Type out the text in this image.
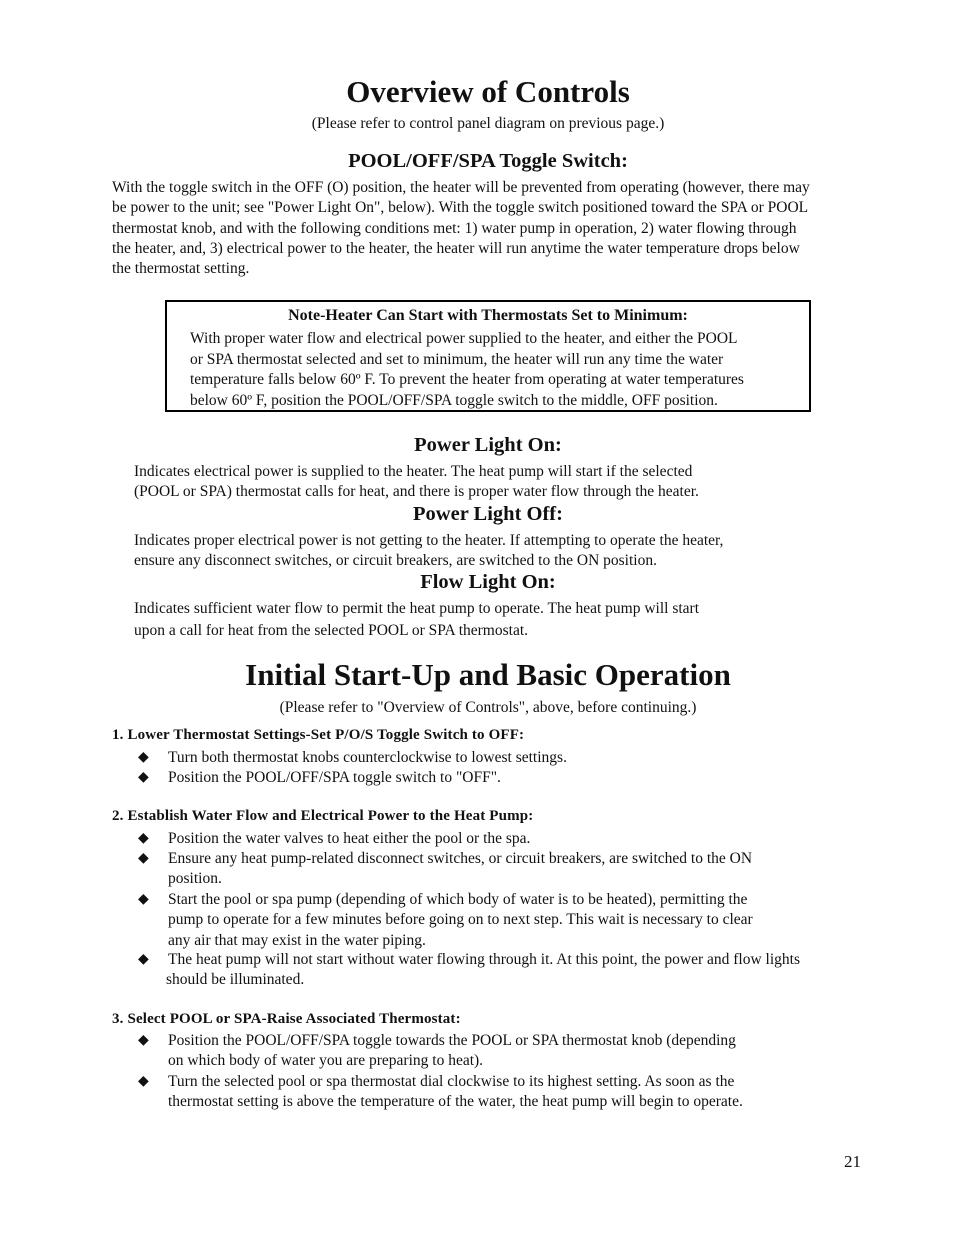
Overview of Controls
(Please refer to control panel diagram on previous page.)
POOL/OFF/SPA Toggle Switch:

With the toggle switch in the OFF (O) position, the heater will be prevented from operating (however, there may

be power to the unit; see "Power Light On", below). With the toggle switch positioned toward the SPA or POOL

thermostat knob, and with the following conditions met: 1) water pump in operation, 2) water flowing through

the heater, and, 3) electrical power to the heater, the heater will run anytime the water temperature drops below

the thermostat setting.

Note-Heater Can Start with Thermostats Set to Minimum:
With proper water flow and electrical power supplied to the heater, and either the POOL
or SPA thermostat selected and set to minimum, the heater will run any time the water
temperature falls below 60º F. To prevent the heater from operating at water temperatures
below 60º F, position the POOL/OFF/SPA toggle switch to the middle, OFF position.
Power Light On:

Indicates electrical power is supplied to the heater. The heat pump will start if the selected

(POOL or SPA) thermostat calls for heat, and there is proper water flow through the heater.

Power Light Off:

Indicates proper electrical power is not getting to the heater. If attempting to operate the heater,

ensure any disconnect switches, or circuit breakers, are switched to the ON position.

Flow Light On:

Indicates sufficient water flow to permit the heat pump to operate. The heat pump will start

upon a call for heat from the selected POOL or SPA thermostat.

Initial Start-Up and Basic Operation
(Please refer to "Overview of Controls", above, before continuing.)
1. Lower Thermostat Settings-Set P/O/S Toggle Switch to OFF:
◆ Turn both thermostat knobs counterclockwise to lowest settings.
◆ Position the POOL/OFF/SPA toggle switch to "OFF".
2. Establish Water Flow and Electrical Power to the Heat Pump:
◆ Position the water valves to heat either the pool or the spa.
◆ Ensure any heat pump-related disconnect switches, or circuit breakers, are switched to the ON
position.
◆ Start the pool or spa pump (depending of which body of water is to be heated), permitting the
pump to operate for a few minutes before going on to next step. This wait is necessary to clear
any air that may exist in the water piping.
◆ The heat pump will not start without water flowing through it. At this point, the power and flow lights
should be illuminated.
3. Select POOL or SPA-Raise Associated Thermostat:
◆ Position the POOL/OFF/SPA toggle towards the POOL or SPA thermostat knob (depending
on which body of water you are preparing to heat).
◆ Turn the selected pool or spa thermostat dial clockwise to its highest setting. As soon as the
thermostat setting is above the temperature of the water, the heat pump will begin to operate.
21
